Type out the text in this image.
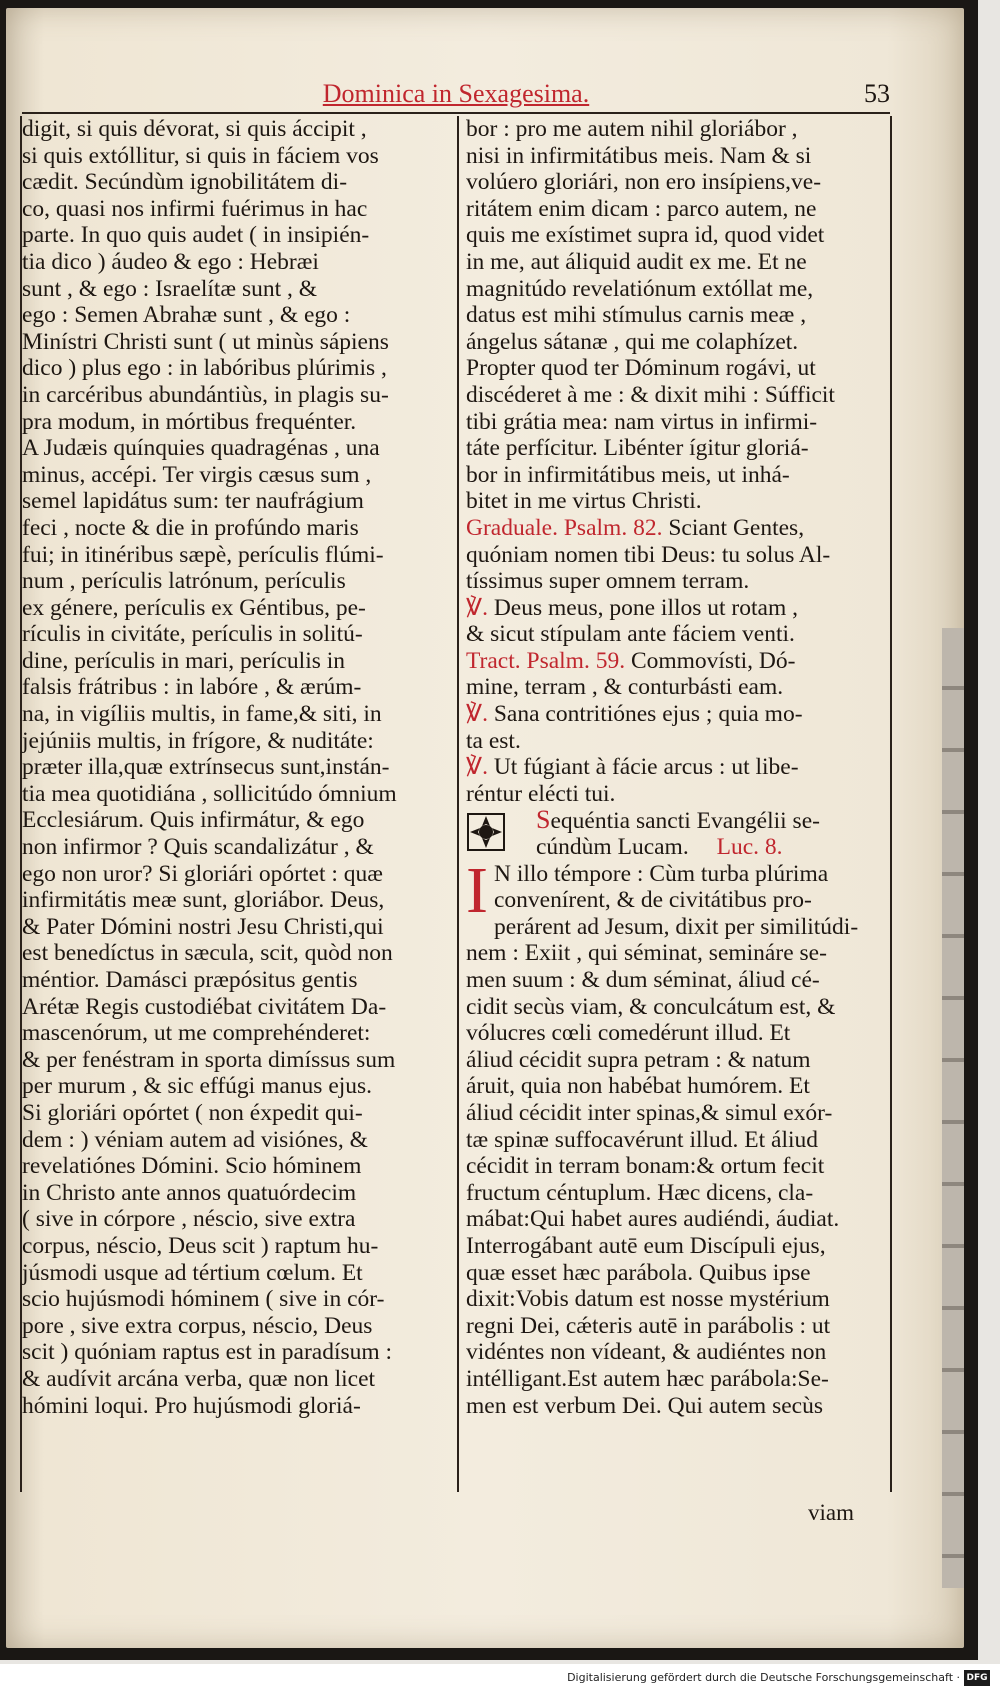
Dominica in Sexagesima.	53
digit, si quis dévorat, si quis áccipit ,
si quis extóllitur, si quis in fáciem vos
cædit. Secúndùm ignobilitátem di-
co, quasi nos infirmi fuérimus in hac
parte. In quo quis audet ( in insipién-
tia dico ) áudeo & ego : Hebræi
sunt , & ego : Israelítæ sunt , &
ego : Semen Abrahæ sunt , & ego :
Minístri Christi sunt ( ut minùs sápiens
dico ) plus ego : in labóribus plúrimis ,
in carcéribus abundántiùs, in plagis su-
pra modum, in mórtibus frequénter.
A Judæis quínquies quadragénas , una
minus, accépi. Ter virgis cæsus sum ,
semel lapidátus sum: ter naufrágium
feci , nocte & die in profúndo maris
fui; in itinéribus sæpè, perículis flúmi-
num , perículis latrónum, perículis
ex génere, perículis ex Géntibus, pe-
rículis in civitáte, perículis in solitú-
dine, perículis in mari, perículis in
falsis frátribus : in labóre , & ærúm-
na, in vigíliis multis, in fame,& siti, in
jejúniis multis, in frígore, & nuditáte:
præter illa,quæ extrínsecus sunt,instán-
tia mea quotidiána , sollicitúdo ómnium
Ecclesiárum. Quis infirmátur, & ego
non infirmor ? Quis scandalizátur , &
ego non uror? Si gloriári opórtet : quæ
infirmitátis meæ sunt, gloriábor. Deus,
& Pater Dómini nostri Jesu Christi,qui
est benedíctus in sæcula, scit, quòd non
méntior. Damásci præpósitus gentis
Arétæ Regis custodiébat civitátem Da-
mascenórum, ut me comprehénderet:
& per fenéstram in sporta dimíssus sum
per murum , & sic effúgi manus ejus.
Si gloriári opórtet ( non éxpedit qui-
dem : ) véniam autem ad visiónes, &
revelatiónes Dómini. Scio hóminem
in Christo ante annos quatuórdecim
( sive in córpore , néscio, sive extra
corpus, néscio, Deus scit ) raptum hu-
júsmodi usque ad tértium cœlum. Et
scio hujúsmodi hóminem ( sive in cór-
pore , sive extra corpus, néscio, Deus
scit ) quóniam raptus est in paradísum :
& audívit arcána verba, quæ non licet
hómini loqui. Pro hujúsmodi gloriá-
bor : pro me autem nihil gloriábor ,
nisi in infirmitátibus meis. Nam & si
volúero gloriári, non ero insípiens,ve-
ritátem enim dicam : parco autem, ne
quis me exístimet supra id, quod videt
in me, aut áliquid audit ex me. Et ne
magnitúdo revelatiónum extóllat me,
datus est mihi stímulus carnis meæ ,
ángelus sátanæ , qui me colaphízet.
Propter quod ter Dóminum rogávi, ut
discéderet à me : & dixit mihi : Súfficit
tibi grátia mea: nam virtus in infirmi-
táte perfícitur. Libénter ígitur gloriá-
bor in infirmitátibus meis, ut inhá-
bitet in me virtus Christi.
Graduale. Psalm. 82. Sciant Gentes,
quóniam nomen tibi Deus: tu solus Al-
tíssimus super omnem terram.
℣. Deus meus, pone illos ut rotam ,
& sicut stípulam ante fáciem venti.
Tract. Psalm. 59. Commovísti, Dó-
mine, terram , & conturbásti eam.
℣. Sana contritiónes ejus ; quia mo-
ta est.
℣. Ut fúgiant à fácie arcus : ut libe-
réntur elécti tui.
Sequéntia sancti Evangélii se-
cúndùm Lucam. Luc. 8.
I N illo témpore : Cùm turba plúrima
convenírent, & de civitátibus pro-
perárent ad Jesum, dixit per similitúdi-
nem : Exiit , qui séminat, semináre se-
men suum : & dum séminat, áliud cé-
cidit secùs viam, & conculcátum est, &
vólucres cœli comedérunt illud. Et
áliud cécidit supra petram : & natum
áruit, quia non habébat humórem. Et
áliud cécidit inter spinas,& simul exór-
tæ spinæ suffocavérunt illud. Et áliud
cécidit in terram bonam:& ortum fecit
fructum céntuplum. Hæc dicens, cla-
mábat:Qui habet aures audiéndi, áudiat.
Interrogábant autē eum Discípuli ejus,
quæ esset hæc parábola. Quibus ipse
dixit:Vobis datum est nosse mystérium
regni Dei, cǽteris autē in parábolis : ut
vidéntes non vídeant, & audiéntes non
intélligant.Est autem hæc parábola:Se-
men est verbum Dei. Qui autem secùs
viam
Digitalisierung gefördert durch die Deutsche Forschungsgemeinschaft · DFG
